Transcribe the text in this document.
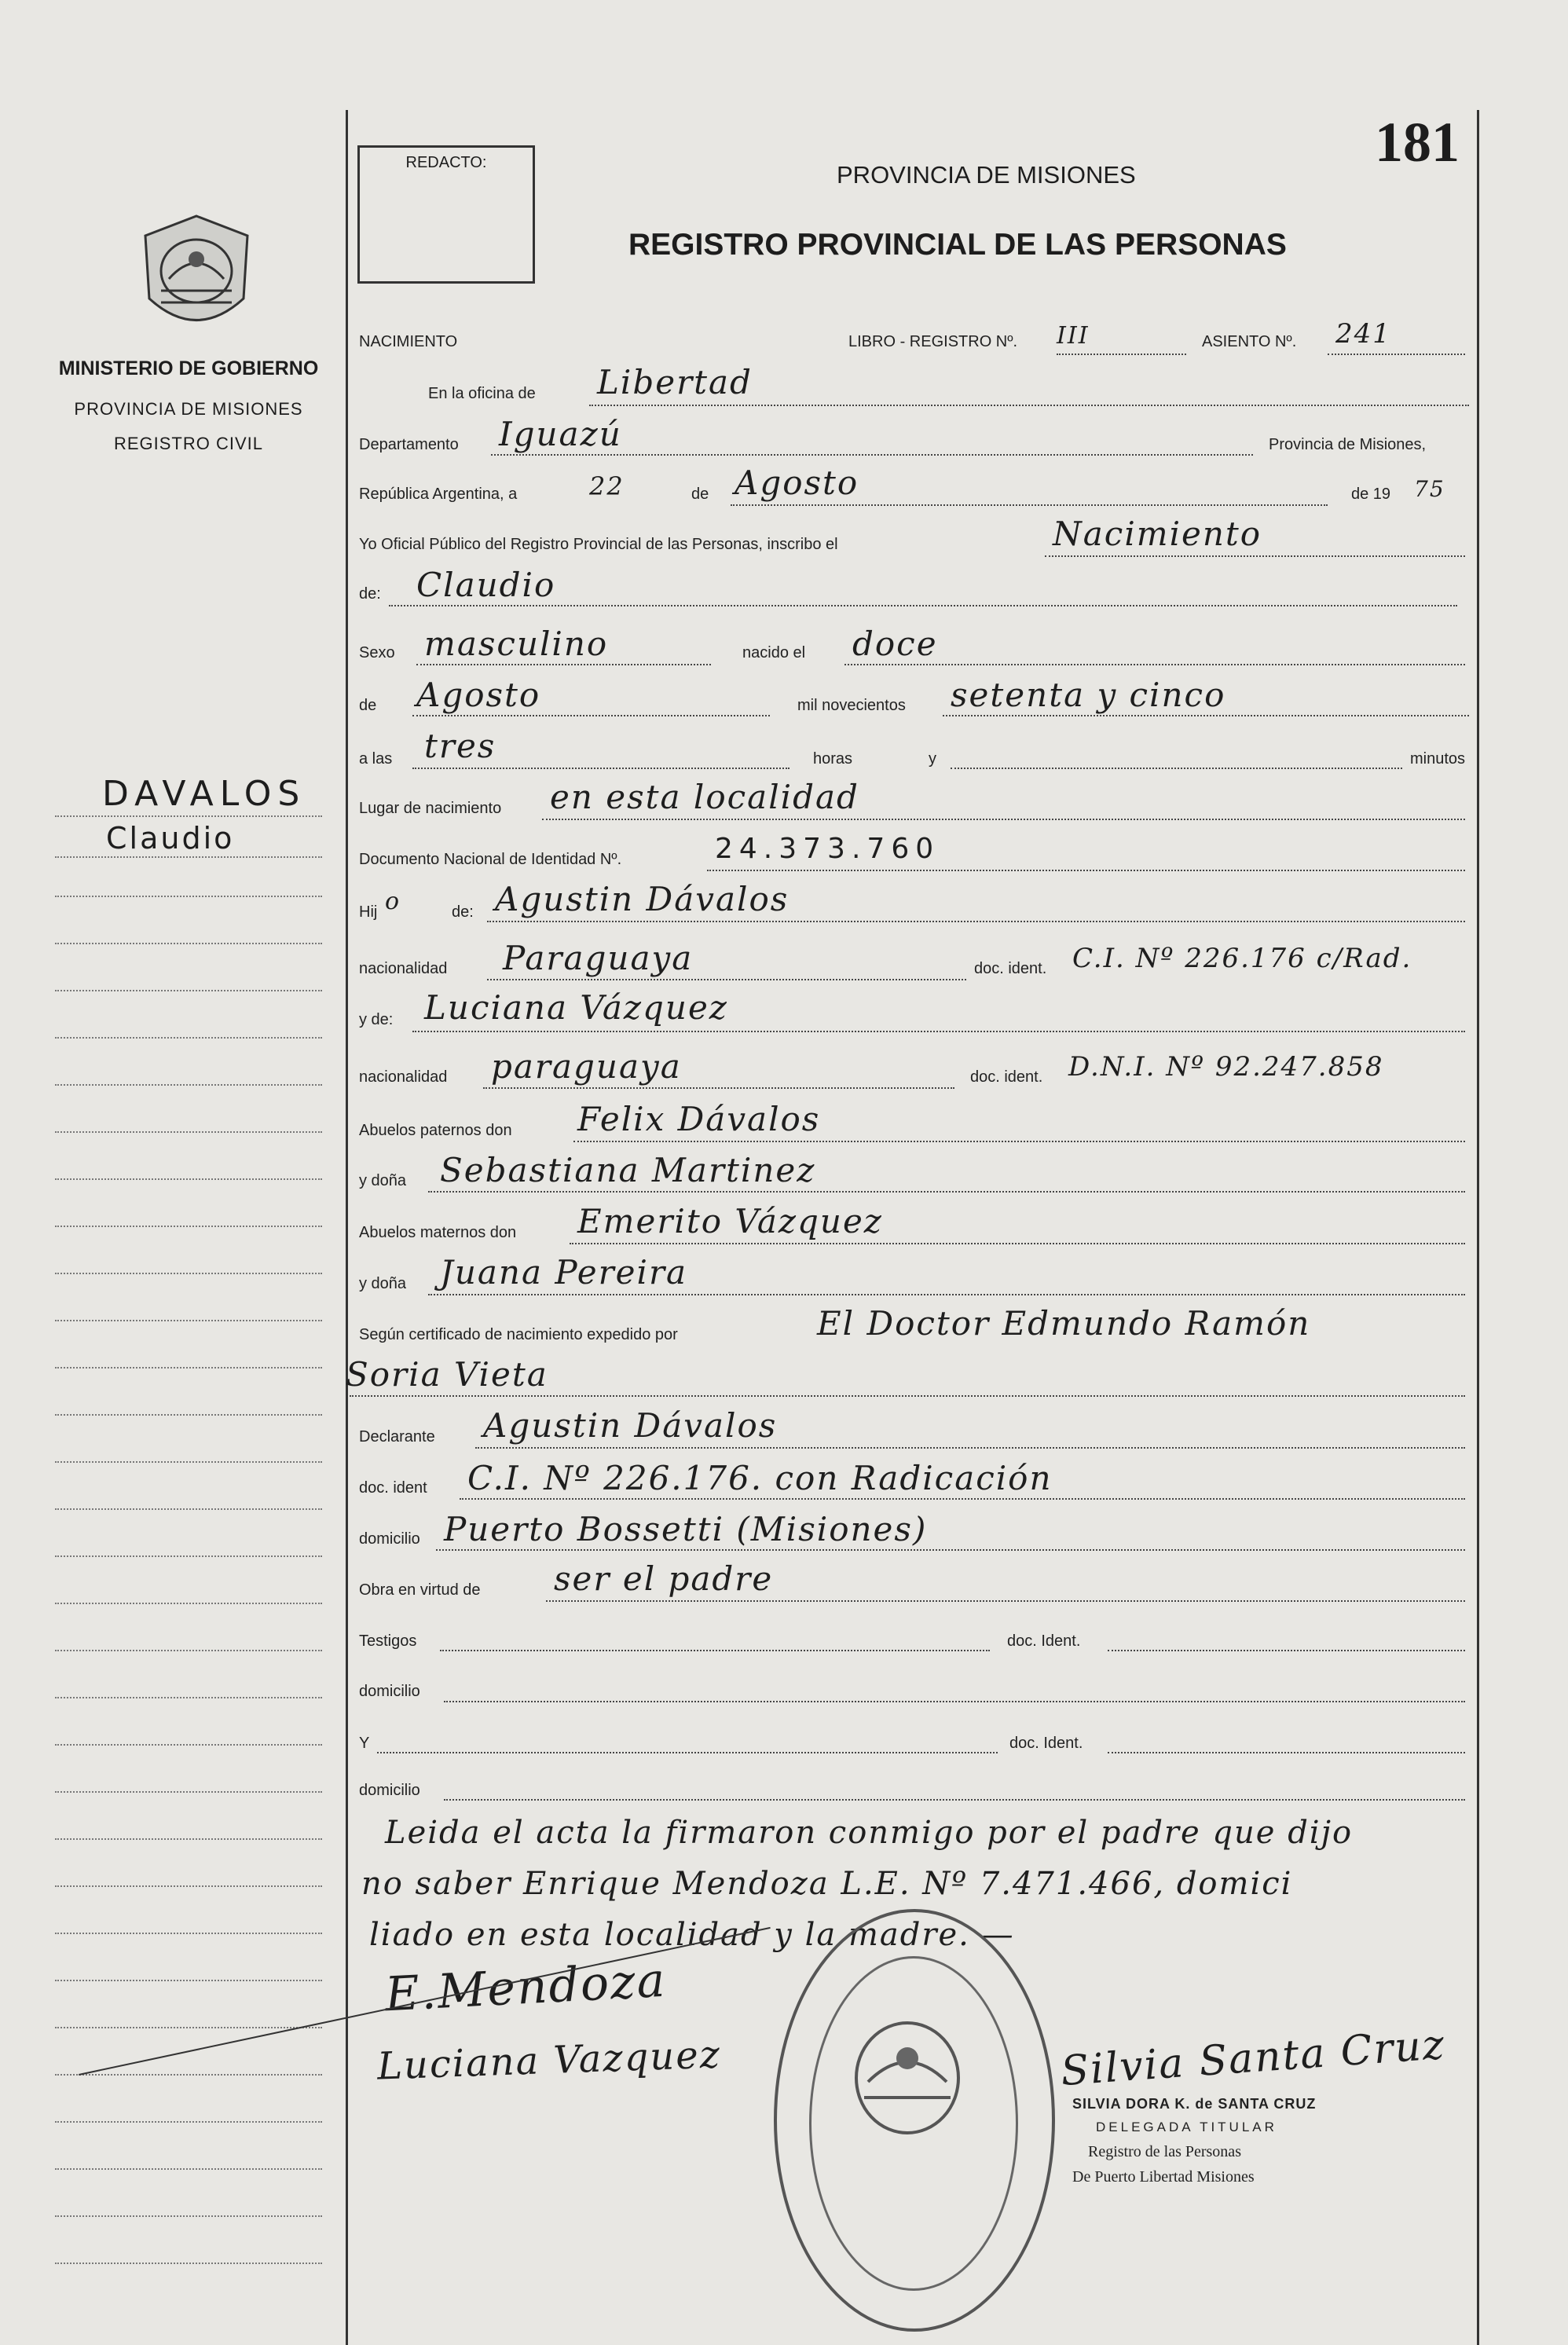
181
REDACTO:	PROVINCIA DE MISIONES
REGISTRO PROVINCIAL DE LAS PERSONAS
MINISTERIO DE GOBIERNO
PROVINCIA DE MISIONES
REGISTRO CIVIL
DAVALOS
Claudio
NACIMIENTO	LIBRO - REGISTRO Nº. III	ASIENTO Nº. 241
En la oficina de Libertad
Departamento Iguazú	Provincia de Misiones,
República Argentina, a	22	de Agosto	de 19 75
Yo Oficial Público del Registro Provincial de las Personas, inscribo el	Nacimiento
de: Claudio
Sexo masculino	nacido el doce
de Agosto	mil novecientos setenta y cinco
a las tres	horas	y	minutos
Lugar de nacimiento en esta localidad
Documento Nacional de Identidad Nº.	24.373.760
Hij o	de: Agustin Dávalos
nacionalidad Paraguaya	doc. ident. C.I. Nº 226.176 c/Rad.
y de: Luciana Vázquez
nacionalidad paraguaya	doc. ident. D.N.I. Nº 92.247.858
Abuelos paternos don Felix Dávalos
y doña Sebastiana Martinez
Abuelos maternos don Emerito Vázquez
y doña Juana Pereira
Según certificado de nacimiento expedido por	El Doctor Edmundo Ramón
Soria Vieta
Declarante Agustin Dávalos
doc. ident C.I. Nº 226.176. con Radicación
domicilio Puerto Bossetti (Misiones)
Obra en virtud de ser el padre
Testigos	doc. Ident.
domicilio
Y	doc. Ident.
domicilio
Leida el acta la firmaron conmigo por el padre que dijo
no saber Enrique Mendoza L.E. Nº 7.471.466, domici
liado en esta localidad y la madre. —
E.Mendoza
Luciana Vazquez	Silvia Santa Cruz
SILVIA DORA K. de SANTA CRUZ
DELEGADA TITULAR
Registro de las Personas
De Puerto Libertad Misiones
